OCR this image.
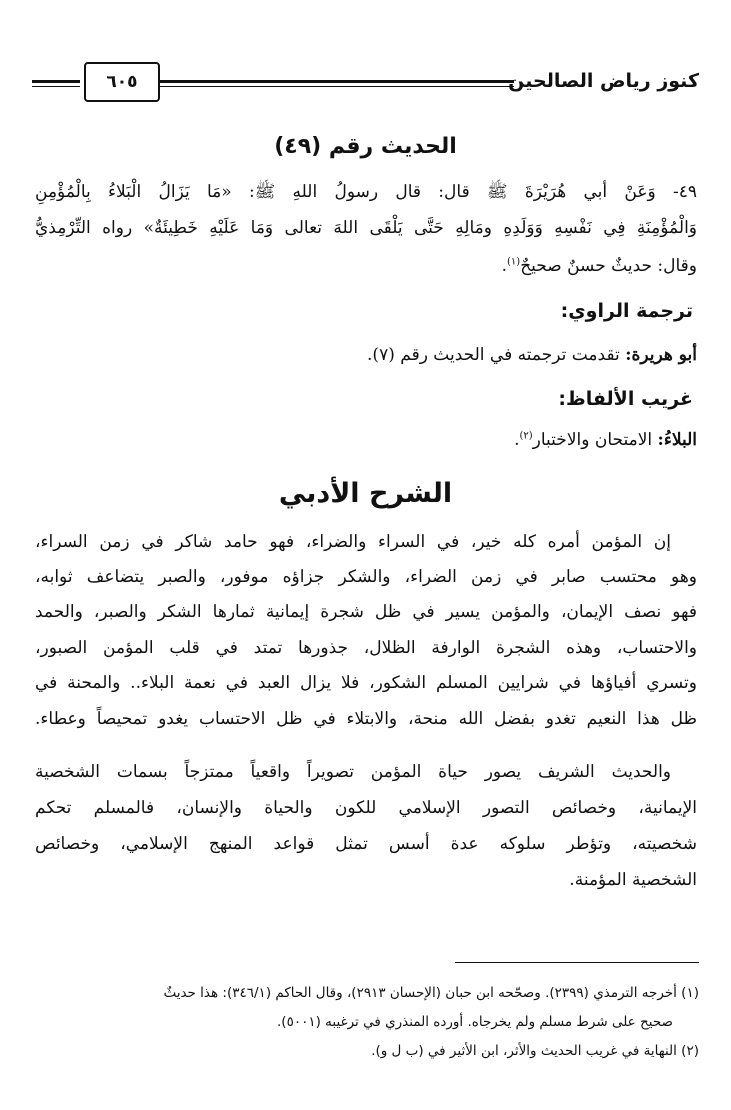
٦٠٥	كنوز رياض الصالحين
الحديث رقم (٤٩)
٤٩- وَعَنْ أبي هُرَيْرَةَ ﷺ قال: قال رسولُ اللهِ ﷺ: «مَا يَزَالُ الْبَلاءُ بِالْمُؤْمِنِ
وَالْمُؤْمِنَةِ فِي نَفْسِهِ وَوَلَدِهِ ومَالِهِ حَتَّى يَلْقَى اللهَ تعالى وَمَا عَلَيْهِ خَطِيئَةٌ» رواه التِّرْمِذيُّ
وقال: حديثٌ حسنٌ صحيحٌ$^{(١)}$.
ترجمة الراوي:
أبو هريرة: تقدمت ترجمته في الحديث رقم (٧).
غريب الألفاظ:
البلاءُ: الامتحان والاختبار$^{(٢)}$.
الشرح الأدبي
إن المؤمن أمره كله خير، في السراء والضراء، فهو حامد شاكر في زمن السراء،
وهو محتسب صابر في زمن الضراء، والشكر جزاؤه موفور، والصبر يتضاعف ثوابه،
فهو نصف الإيمان، والمؤمن يسير في ظل شجرة إيمانية ثمارها الشكر والصبر، والحمد
والاحتساب، وهذه الشجرة الوارفة الظلال، جذورها تمتد في قلب المؤمن الصبور،
وتسري أفياؤها في شرايين المسلم الشكور، فلا يزال العبد في نعمة البلاء.. والمحنة في
ظل هذا النعيم تغدو بفضل الله منحة، والابتلاء في ظل الاحتساب يغدو تمحيصاً وعطاء.
والحديث الشريف يصور حياة المؤمن تصويراً واقعياً ممتزجاً بسمات الشخصية
الإيمانية، وخصائص التصور الإسلامي للكون والحياة والإنسان، فالمسلم تحكم
شخصيته، وتؤطر سلوكه عدة أسس تمثل قواعد المنهج الإسلامي، وخصائص
الشخصية المؤمنة.
(١) أخرجه الترمذي (٢٣٩٩). وصحّحه ابن حبان (الإحسان ٢٩١٣)، وقال الحاكم (٣٤٦/١): هذا حديثٌ
صحيح على شرط مسلم ولم يخرجاه. أورده المنذري في ترغيبه (٥٠٠١).
(٢) النهاية في غريب الحديث والأثر، ابن الأثير في (ب ل و).
